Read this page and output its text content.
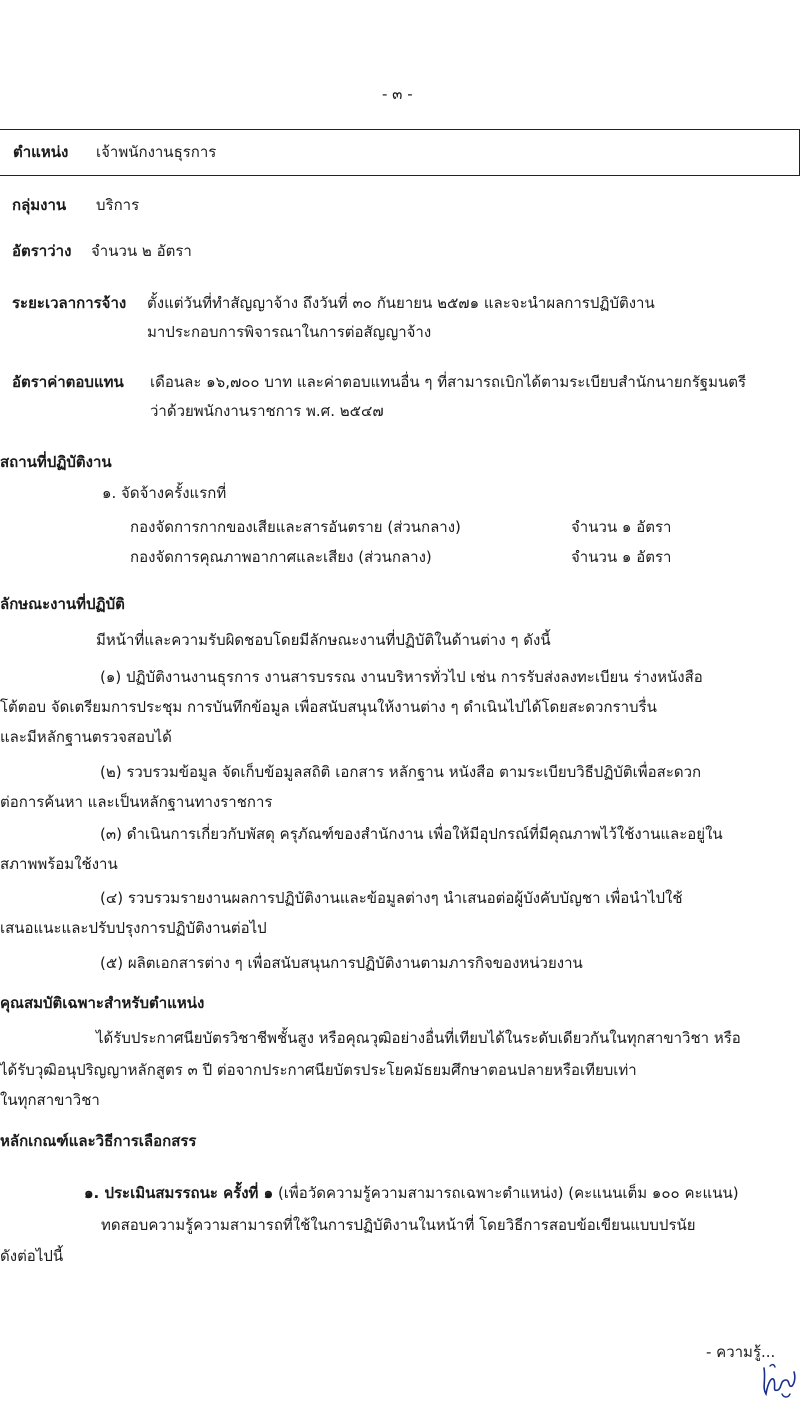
- ๓ -
ตำแหน่ง เจ้าพนักงานธุรการ
กลุ่มงาน บริการ
อัตราว่าง จำนวน ๒ อัตรา
ระยะเวลาการจ้าง ตั้งแต่วันที่ทำสัญญาจ้าง ถึงวันที่ ๓๐ กันยายน ๒๕๗๑ และจะนำผลการปฏิบัติงาน
มาประกอบการพิจารณาในการต่อสัญญาจ้าง
อัตราค่าตอบแทน เดือนละ ๑๖,๗๐๐ บาท และค่าตอบแทนอื่น ๆ ที่สามารถเบิกได้ตามระเบียบสำนักนายกรัฐมนตรี
ว่าด้วยพนักงานราชการ พ.ศ. ๒๕๔๗
สถานที่ปฏิบัติงาน
๑. จัดจ้างครั้งแรกที่
กองจัดการกากของเสียและสารอันตราย (ส่วนกลาง)	จำนวน ๑ อัตรา
กองจัดการคุณภาพอากาศและเสียง (ส่วนกลาง)	จำนวน ๑ อัตรา
ลักษณะงานที่ปฏิบัติ
มีหน้าที่และความรับผิดชอบโดยมีลักษณะงานที่ปฏิบัติในด้านต่าง ๆ ดังนี้
(๑) ปฏิบัติงานงานธุรการ งานสารบรรณ งานบริหารทั่วไป เช่น การรับส่งลงทะเบียน ร่างหนังสือ
โต้ตอบ จัดเตรียมการประชุม การบันทึกข้อมูล เพื่อสนับสนุนให้งานต่าง ๆ ดำเนินไปได้โดยสะดวกราบรื่น
และมีหลักฐานตรวจสอบได้
(๒) รวบรวมข้อมูล จัดเก็บข้อมูลสถิติ เอกสาร หลักฐาน หนังสือ ตามระเบียบวิธีปฏิบัติเพื่อสะดวก
ต่อการค้นหา และเป็นหลักฐานทางราชการ
(๓) ดำเนินการเกี่ยวกับพัสดุ ครุภัณฑ์ของสำนักงาน เพื่อให้มีอุปกรณ์ที่มีคุณภาพไว้ใช้งานและอยู่ใน
สภาพพร้อมใช้งาน
(๔) รวบรวมรายงานผลการปฏิบัติงานและข้อมูลต่างๆ นำเสนอต่อผู้บังคับบัญชา เพื่อนำไปใช้
เสนอแนะและปรับปรุงการปฏิบัติงานต่อไป
(๕) ผลิตเอกสารต่าง ๆ เพื่อสนับสนุนการปฏิบัติงานตามภารกิจของหน่วยงาน
คุณสมบัติเฉพาะสำหรับตำแหน่ง
ได้รับประกาศนียบัตรวิชาชีพชั้นสูง หรือคุณวุฒิอย่างอื่นที่เทียบได้ในระดับเดียวกันในทุกสาขาวิชา หรือ
ได้รับวุฒิอนุปริญญาหลักสูตร ๓ ปี ต่อจากประกาศนียบัตรประโยคมัธยมศึกษาตอนปลายหรือเทียบเท่า
ในทุกสาขาวิชา
หลักเกณฑ์และวิธีการเลือกสรร
๑. ประเมินสมรรถนะ ครั้งที่ ๑ (เพื่อวัดความรู้ความสามารถเฉพาะตำแหน่ง) (คะแนนเต็ม ๑๐๐ คะแนน)
ทดสอบความรู้ความสามารถที่ใช้ในการปฏิบัติงานในหน้าที่ โดยวิธีการสอบข้อเขียนแบบปรนัย
ดังต่อไปนี้
- ความรู้...
